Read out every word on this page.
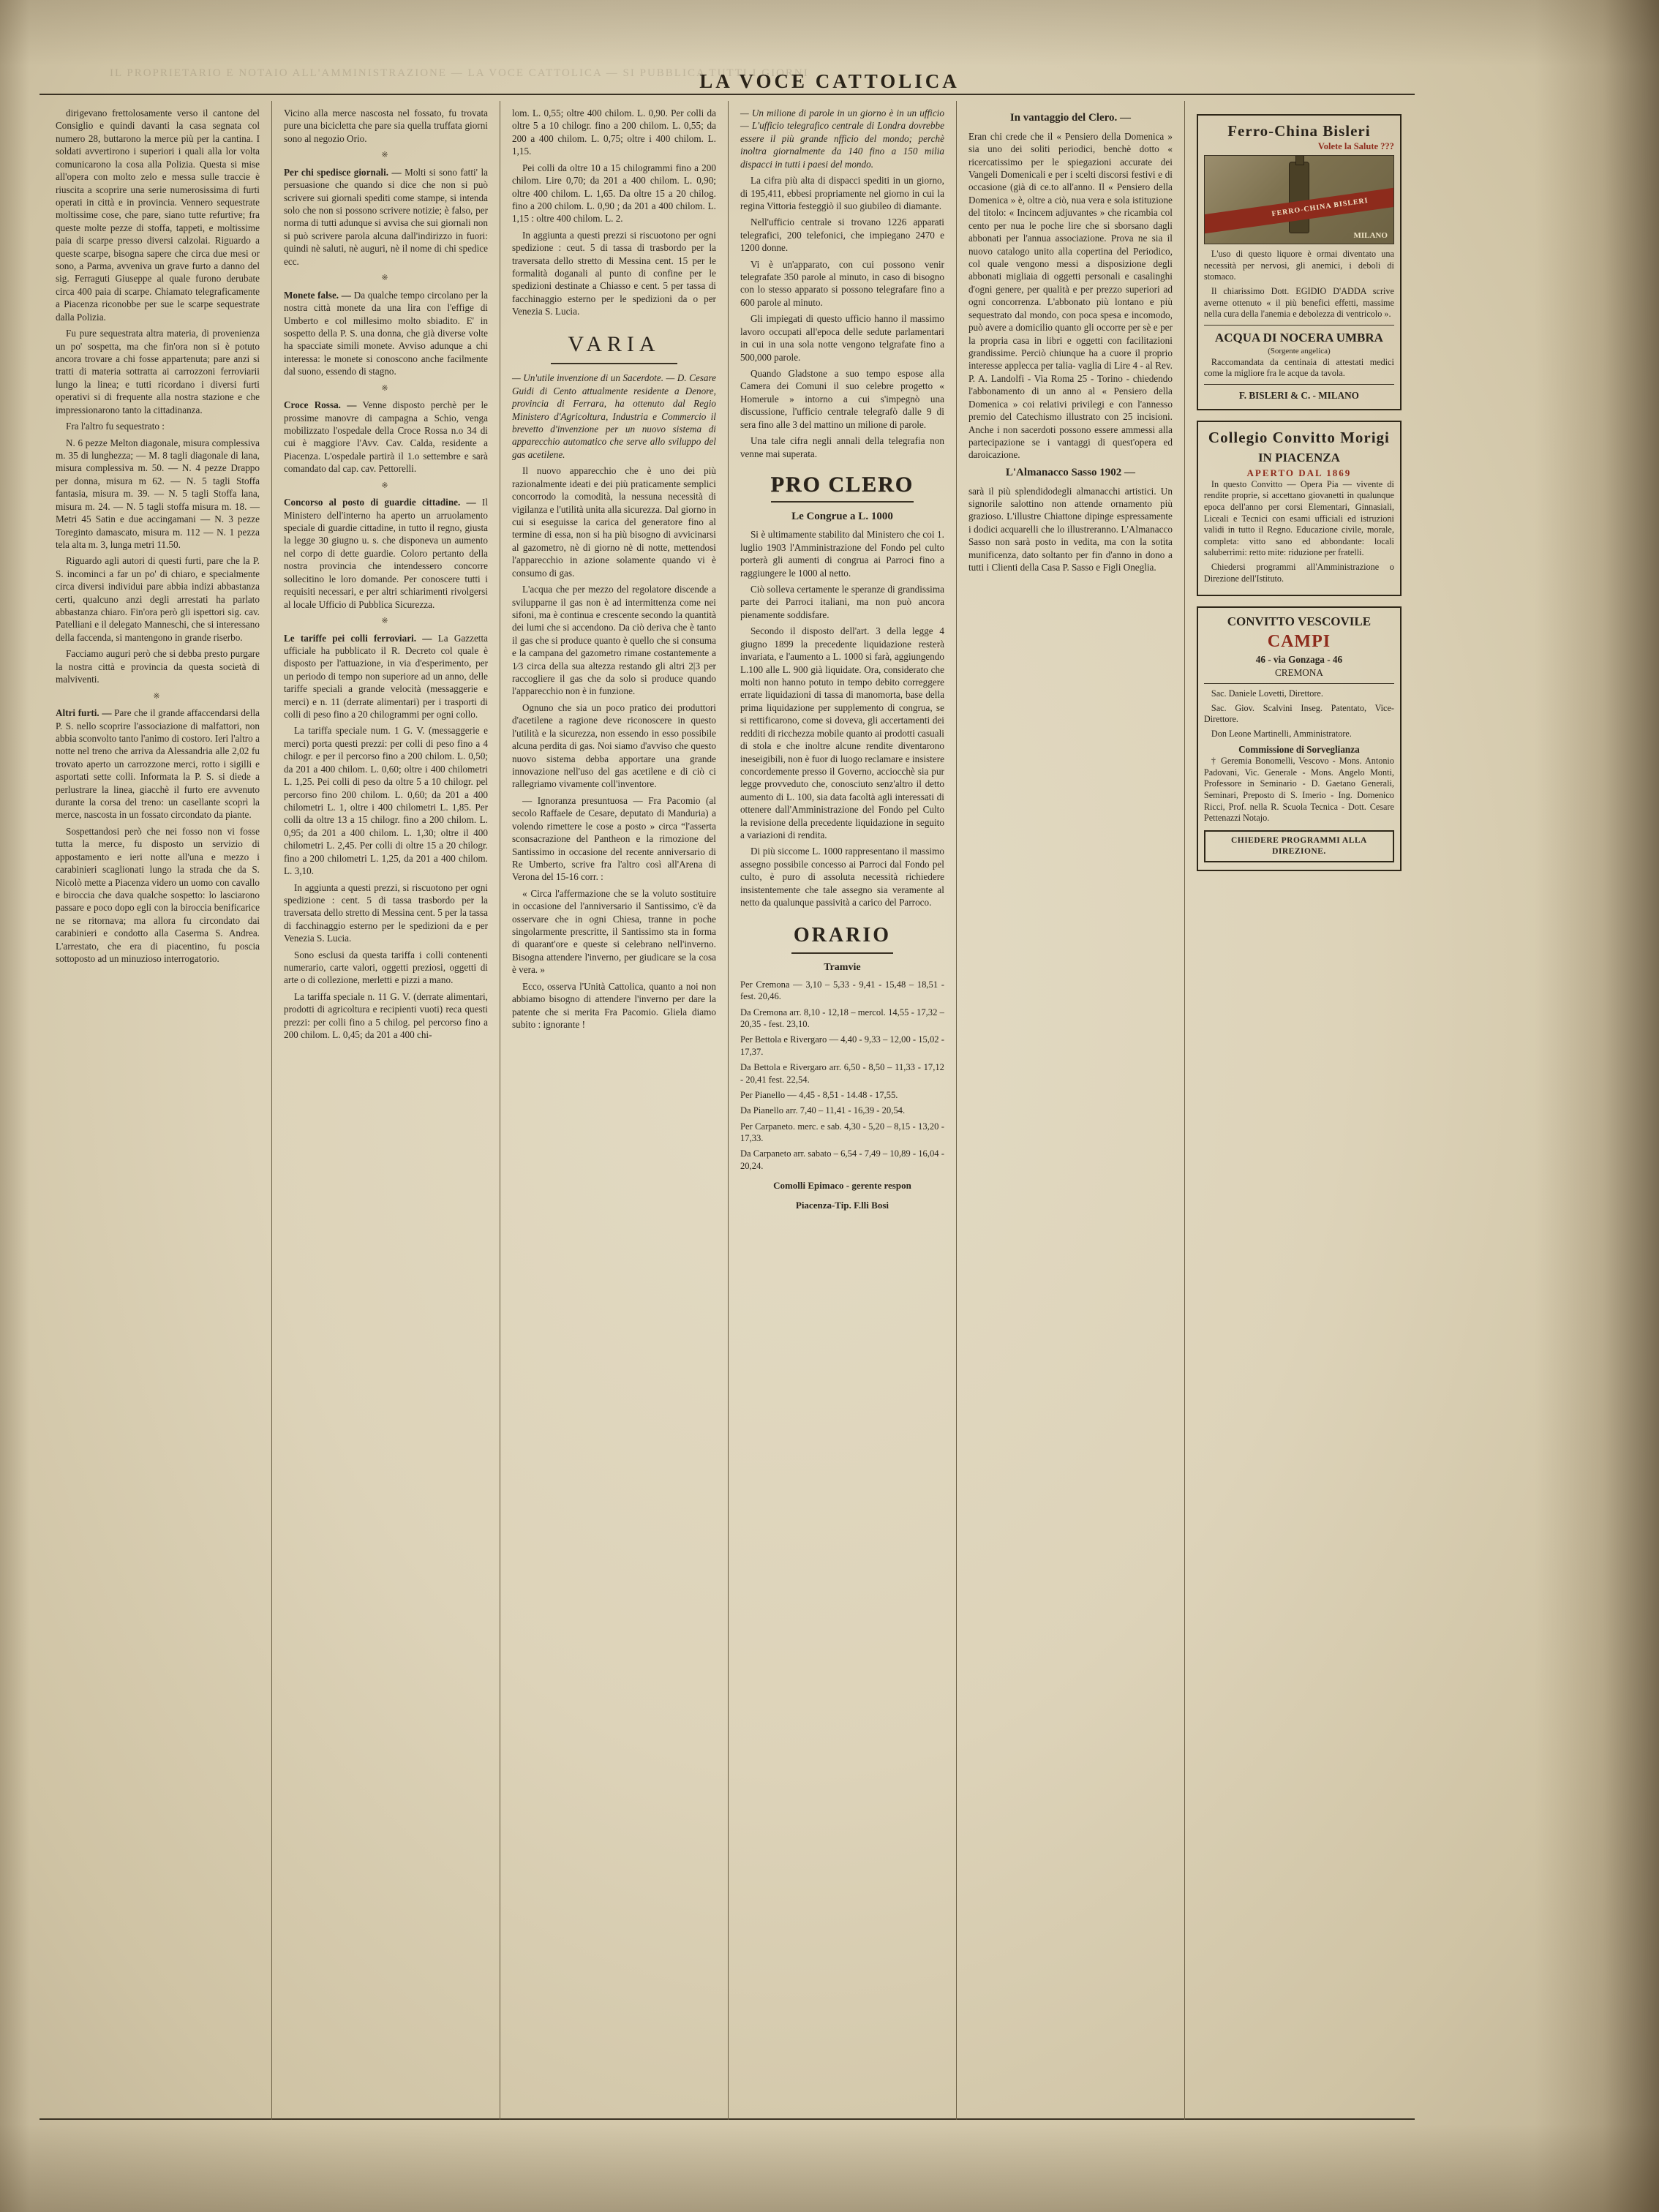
IL PROPRIETARIO E NOTAIO ALL'AMMINISTRAZIONE — LA VOCE CATTOLICA — SI PUBBLICA TUTTI I GIORNI
LA VOCE CATTOLICA

dirigevano frettolosamente verso il cantone del Consiglio e quindi davanti la casa segnata col numero 28, buttarono la merce più per la cantina. I soldati avvertirono i superiori i quali alla lor volta comunicarono la cosa alla Polizia. Questa si mise all'opera con molto zelo e messa sulle traccie è riuscita a scoprire una serie numerosissima di furti operati in città e in provincia. Vennero sequestrate moltissime cose, che pare, siano tutte refurtive; fra queste molte pezze di stoffa, tappeti, e moltissime paia di scarpe presso diversi calzolai. Riguardo a queste scarpe, bisogna sapere che circa due mesi or sono, a Parma, avveniva un grave furto a danno del sig. Ferraguti Giuseppe al quale furono derubate circa 400 paia di scarpe. Chiamato telegraficamente a Piacenza riconobbe per sue le scarpe sequestrate dalla Polizia.

Fu pure sequestrata altra materia, di provenienza un po' sospetta, ma che fin'ora non si è potuto ancora trovare a chi fosse appartenuta; pare anzi si tratti di materia sottratta ai carrozzoni ferroviarii lungo la linea; e tutti ricordano i diversi furti operativi si di frequente alla nostra stazione e che impressionarono tanto la cittadinanza.

Fra l'altro fu sequestrato :

N. 6 pezze Melton diagonale, misura complessiva m. 35 di lunghezza; — M. 8 tagli diagonale di lana, misura complessiva m. 50. — N. 4 pezze Drappo per donna, misura m 62. — N. 5 tagli Stoffa fantasia, misura m. 39. — N. 5 tagli Stoffa lana, misura m. 24. — N. 5 tagli stoffa misura m. 18. — Metri 45 Satin e due accingamani — N. 3 pezze Toreginto damascato, misura m. 112 — N. 1 pezza tela alta m. 3, lunga metri 11.50.

Riguardo agli autori di questi furti, pare che la P. S. incominci a far un po' di chiaro, e specialmente circa diversi individui pare abbia indizi abbastanza certi, qualcuno anzi degli arrestati ha parlato abbastanza chiaro. Fin'ora però gli ispettori sig. cav. Patelliani e il delegato Manneschi, che si interessano della faccenda, si mantengono in grande riserbo.

Facciamo auguri però che si debba presto purgare la nostra città e provincia da questa società di malviventi.

※

Altri furti. — Pare che il grande affaccendarsi della P. S. nello scoprire l'associazione di malfattori, non abbia sconvolto tanto l'animo di costoro. Ieri l'altro a notte nel treno che arriva da Alessandria alle 2,02 fu trovato aperto un carrozzone merci, rotto i sigilli e asportati sette colli. Informata la P. S. si diede a perlustrare la linea, giacchè il furto ere avvenuto durante la corsa del treno: un casellante scoprì la merce, nascosta in un fossato circondato da piante.

Sospettandosi però che nei fosso non vi fosse tutta la merce, fu disposto un servizio di appostamento e ieri notte all'una e mezzo i carabinieri scaglionati lungo la strada che da S. Nicolò mette a Piacenza videro un uomo con cavallo e biroccia che dava qualche sospetto: lo lasciarono passare e poco dopo egli con la biroccia benificarice ne se ritornava; ma allora fu circondato dai carabinieri e condotto alla Caserma S. Andrea. L'arrestato, che era di piacentino, fu poscia sottoposto ad un minuzioso interrogatorio.

Vicino alla merce nascosta nel fossato, fu trovata pure una bicicletta che pare sia quella truffata giorni sono al negozio Orio.

※

Per chi spedisce giornali. — Molti si sono fatti' la persuasione che quando si dice che non si può scrivere sui giornali spediti come stampe, si intenda solo che non si possono scrivere notizie; è falso, per norma di tutti adunque si avvisa che sui giornali non si può scrivere parola alcuna dall'indirizzo in fuori: quindi nè saluti, nè auguri, nè il nome di chi spedice ecc.

※

Monete false. — Da qualche tempo circolano per la nostra città monete da una lira con l'effige di Umberto e col millesimo molto sbiadito. E' in sospetto della P. S. una donna, che già diverse volte ha spacciate simili monete. Avviso adunque a chi interessa: le monete si conoscono anche facilmente dal suono, essendo di stagno.

※

Croce Rossa. — Venne disposto perchè per le prossime manovre di campagna a Schio, venga mobilizzato l'ospedale della Croce Rossa n.o 34 di cui è maggiore l'Avv. Cav. Calda, residente a Piacenza. L'ospedale partirà il 1.o settembre e sarà comandato dal cap. cav. Pettorelli.

※

Concorso al posto di guardie cittadine. — Il Ministero dell'interno ha aperto un arruolamento speciale di guardie cittadine, in tutto il regno, giusta la legge 30 giugno u. s. che disponeva un aumento nel corpo di dette guardie. Coloro pertanto della nostra provincia che intendessero concorre sollecitino le loro domande. Per conoscere tutti i requisiti necessari, e per altri schiarimenti rivolgersi al locale Ufficio di Pubblica Sicurezza.

※

Le tariffe pei colli ferroviari. — La Gazzetta ufficiale ha pubblicato il R. Decreto col quale è disposto per l'attuazione, in via d'esperimento, per un periodo di tempo non superiore ad un anno, delle tariffe speciali a grande velocità (messaggerie e merci) e n. 11 (derrate alimentari) per i trasporti di colli di peso fino a 20 chilogrammi per ogni collo.

La tariffa speciale num. 1 G. V. (messaggerie e merci) porta questi prezzi: per colli di peso fino a 4 chilogr. e per il percorso fino a 200 chilom. L. 0,50; da 201 a 400 chilom. L. 0,60; oltre i 400 chilometri L. 1,25. Pei colli di peso da oltre 5 a 10 chilogr. pel percorso fino 200 chilom. L. 0,60; da 201 a 400 chilometri L. 1, oltre i 400 chilometri L. 1,85. Per colli da oltre 13 a 15 chilogr. fino a 200 chilom. L. 0,95; da 201 a 400 chilom. L. 1,30; oltre il 400 chilometri L. 2,45. Per colli di oltre 15 a 20 chilogr. fino a 200 chilometri L. 1,25, da 201 a 400 chilom. L. 3,10.

In aggiunta a questi prezzi, si riscuotono per ogni spedizione : cent. 5 di tassa trasbordo per la traversata dello stretto di Messina cent. 5 per la tassa di facchinaggio esterno per le spedizioni da e per Venezia S. Lucia.

Sono esclusi da questa tariffa i colli contenenti numerario, carte valori, oggetti preziosi, oggetti di arte o di collezione, merletti e pizzi a mano.

La tariffa speciale n. 11 G. V. (derrate alimentari, prodotti di agricoltura e recipienti vuoti) reca questi prezzi: per colli fino a 5 chilog. pel percorso fino a 200 chilom. L. 0,45; da 201 a 400 chi-

lom. L. 0,55; oltre 400 chilom. L. 0,90. Per colli da oltre 5 a 10 chilogr. fino a 200 chilom. L. 0,55; da 200 a 400 chilom. L. 0,75; oltre i 400 chilom. L. 1,15.

Pei colli da oltre 10 a 15 chilogrammi fino a 200 chilom. Lire 0,70; da 201 a 400 chilom. L. 0,90; oltre 400 chilom. L. 1,65. Da oltre 15 a 20 chilog. fino a 200 chilom. L. 0,90 ; da 201 a 400 chilom. L. 1,15 : oltre 400 chilom. L. 2.

In aggiunta a questi prezzi si riscuotono per ogni spedizione : ceut. 5 di tassa di trasbordo per la traversata dello stretto di Messina cent. 15 per le formalità doganali al punto di confine per le spedizioni destinate a Chiasso e cent. 5 per tassa di facchinaggio esterno per le spedizioni da o per Venezia S. Lucia.

VARIA

— Un'utile invenzione di un Sacerdote. — D. Cesare Guidi di Cento attualmente residente a Denore, provincia di Ferrara, ha ottenuto dal Regio Ministero d'Agricoltura, Industria e Commercio il brevetto d'invenzione per un nuovo sistema di apparecchio automatico che serve allo sviluppo del gas acetilene.

Il nuovo apparecchio che è uno dei più razionalmente ideati e dei più praticamente semplici concorrodo la comodità, la nessuna necessità di vigilanza e l'utilità unita alla sicurezza. Dal giorno in cui si eseguisse la carica del generatore fino al termine di essa, non si ha più bisogno di avvicinarsi al gazometro, nè di giorno nè di notte, mettendosi l'apparecchio in azione solamente quando vi è consumo di gas.

L'acqua che per mezzo del regolatore discende a svilupparne il gas non è ad intermittenza come nei sifoni, ma è continua e crescente secondo la quantità dei lumi che si accendono. Da ciò deriva che è tanto il gas che si produce quanto è quello che si consuma e la campana del gazometro rimane costantemente a 1⁄3 circa della sua altezza restando gli altri 2|3 per raccogliere il gas che da solo si produce quando l'apparecchio non è in funzione.

Ognuno che sia un poco pratico dei produttori d'acetilene a ragione deve riconoscere in questo l'utilità e la sicurezza, non essendo in esso possibile alcuna perdita di gas. Noi siamo d'avviso che questo nuovo sistema debba apportare una grande innovazione nell'uso del gas acetilene e di ciò ci rallegriamo vivamente coll'inventore.

— Ignoranza presuntuosa — Fra Pacomio (al secolo Raffaele de Cesare, deputato di Manduria) a volendo rimettere le cose a posto » circa “l'asserta sconsacrazione del Pantheon e la rimozione del Santissimo in occasione del recente anniversario di Re Umberto, scrive fra l'altro così all'Arena di Verona del 15-16 corr. :

« Circa l'affermazione che se la voluto sostituire in occasione del l'anniversario il Santissimo, c'è da osservare che in ogni Chiesa, tranne in poche singolarmente prescritte, il Santissimo sta in forma di quarant'ore e queste si celebrano nell'inverno. Bisogna attendere l'inverno, per giudicare se la cosa è vera. »

Ecco, osserva l'Unità Cattolica, quanto a noi non abbiamo bisogno di attendere l'inverno per dare la patente che si merita Fra Pacomio. Gliela diamo subito : ignorante !

— Un milione di parole in un giorno è in un ufficio — L'ufficio telegrafico centrale di Londra dovrebbe essere il più grande nfficio del mondo; perchè inoltra giornalmente da 140 fino a 150 milia dispacci in tutti i paesi del mondo.

La cifra più alta di dispacci spediti in un giorno, di 195,411, ebbesi propriamente nel giorno in cui la regina Vittoria festeggiò il suo giubileo di diamante.

Nell'ufficio centrale si trovano 1226 apparati telegrafici, 200 telefonici, che impiegano 2470 e 1200 donne.

Vi è un'apparato, con cui possono venir telegrafate 350 parole al minuto, in caso di bisogno con lo stesso apparato si possono telegrafare fino a 600 parole al minuto.

Gli impiegati di questo ufficio hanno il massimo lavoro occupati all'epoca delle sedute parlamentari in cui in una sola notte vengono telgrafate fino a 500,000 parole.

Quando Gladstone a suo tempo espose alla Camera dei Comuni il suo celebre progetto « Homerule » intorno a cui s'impegnò una discussione, l'ufficio centrale telegrafò dalle 9 di sera fino alle 3 del mattino un milione di parole.

Una tale cifra negli annali della telegrafia non venne mai superata.

PRO CLERO
Le Congrue a L. 1000

Si è ultimamente stabilito dal Ministero che coi 1. luglio 1903 l'Amministrazione del Fondo pel culto porterà gli aumenti di congrua ai Parroci fino a raggiungere le 1000 al netto.

Ciò solleva certamente le speranze di grandissima parte dei Parroci italiani, ma non può ancora pienamente soddisfare.

Secondo il disposto dell'art. 3 della legge 4 giugno 1899 la precedente liquidazione resterà invariata, e l'aumento a L. 1000 si farà, aggiungendo L.100 alle L. 900 già liquidate. Ora, considerato che molti non hanno potuto in tempo debito correggere errate liquidazioni di tassa di manomorta, base della prima liquidazione per supplemento di congrua, se si rettificarono, come si doveva, gli accertamenti dei redditi di ricchezza mobile quanto ai prodotti casuali di stola e che inoltre alcune rendite diventarono ineseigibili, non è fuor di luogo reclamare e insistere concordemente presso il Governo, acciocchè sia pur legge provveduto che, conosciuto senz'altro il detto aumento di L. 100, sia data facoltà agli interessati di ottenere dall'Amministrazione del Fondo pel Culto la revisione della precedente liquidazione in seguito a variazioni di rendita.

Di più siccome L. 1000 rappresentano il massimo assegno possibile concesso ai Parroci dal Fondo pel culto, è puro di assoluta necessità richiedere insistentemente che tale assegno sia veramente al netto da qualunque passività a carico del Parroco.

ORARIO
Tramvie

Per Cremona — 3,10 – 5,33 - 9,41 - 15,48 – 18,51 - fest. 20,46.

Da Cremona arr. 8,10 - 12,18 – mercol. 14,55 - 17,32 – 20,35 - fest. 23,10.

Per Bettola e Rivergaro — 4,40 - 9,33 – 12,00 - 15,02 - 17,37.

Da Bettola e Rivergaro arr. 6,50 - 8,50 – 11,33 - 17,12 - 20,41 fest. 22,54.

Per Pianello — 4,45 - 8,51 - 14.48 - 17,55.

Da Pianello arr. 7,40 – 11,41 - 16,39 - 20,54.

Per Carpaneto. merc. e sab. 4,30 - 5,20 – 8,15 - 13,20 - 17,33.

Da Carpaneto arr. sabato – 6,54 - 7,49 – 10,89 - 16,04 - 20,24.

Comolli Epimaco - gerente respon
Piacenza-Tip. F.lli Bosi
In vantaggio del Clero. —

Eran chi crede che il « Pensiero della Domenica » sia uno dei soliti periodici, benchè dotto « ricercatissimo per le spiegazioni accurate dei Vangeli Domenicali e per i scelti discorsi festivi e di occasione (già di ce.to all'anno. Il « Pensiero della Domenica » è, oltre a ciò, nua vera e sola istituzione del titolo: « Incincem adjuvantes » che ricambia col cento per nua le poche lire che si sborsano dagli abbonati per l'annua associazione. Prova ne sia il nuovo catalogo unito alla copertina del Periodico, col quale vengono messi a disposizione degli abbonati migliaia di oggetti personali e casalinghi d'ogni genere, per qualità e per prezzo superiori ad ogni concorrenza. L'abbonato più lontano e più sequestrato dal mondo, con poca spesa e incomodo, può avere a domicilio quanto gli occorre per sè e per la propria casa in libri e oggetti con facilitazioni grandissime. Perciò chiunque ha a cuore il proprio interesse applecca per talia- vaglia di Lire 4 - al Rev. P. A. Landolfi - Via Roma 25 - Torino - chiedendo l'abbonamento di un anno al « Pensiero della Domenica » coi relativi privilegi e con l'annesso premio del Catechismo illustrato con 25 incisioni. Anche i non sacerdoti possono essere ammessi alla partecipazione se i vantaggi di quest'opera ed daroicazione.

L'Almanacco Sasso 1902 —

sarà il più splendidodegli almanacchi artistici. Un signorile salottino non attende ornamento più grazioso. L'illustre Chiattone dipinge espressamente i dodici acquarelli che lo illustreranno. L'Almanacco Sasso non sarà posto in vedita, ma con la sotita munificenza, dato soltanto per fin d'anno in dono a tutti i Clienti della Casa P. Sasso e Figli Oneglia.

Ferro-China Bisleri
Volete la Salute ???
FERRO-CHINA BISLERI
MILANO

L'uso di questo liquore è ormai diventato una necessità per nervosi, gli anemici, i deboli di stomaco.

Il chiarissimo Dott. EGIDIO D'ADDA scrive averne ottenuto « il più benefici effetti, massime nella cura della l'anemia e debolezza di ventricolo ».

ACQUA DI NOCERA UMBRA
(Sorgente angelica)

Raccomandata da centinaia di attestati medici come la migliore fra le acque da tavola.

F. BISLERI & C. - MILANO
Collegio Convitto Morigi
IN PIACENZA
APERTO DAL 1869

In questo Convitto — Opera Pia — vivente di rendite proprie, si accettano giovanetti in qualunque epoca dell'anno per corsi Elementari, Ginnasiali, Liceali e Tecnici con esami ufficiali ed istruzioni validi in tutto il Regno. Educazione civile, morale, completa: vitto sano ed abbondante: locali saluberrimi: retto mite: riduzione per fratelli.

Chiedersi programmi all'Amministrazione o Direzione dell'Istituto.

CONVITTO VESCOVILE
CAMPI
46 - via Gonzaga - 46
CREMONA

Sac. Daniele Lovetti, Direttore.

Sac. Giov. Scalvini Inseg. Patentato, Vice-Direttore.

Don Leone Martinelli, Amministratore.

Commissione di Sorveglianza

† Geremia Bonomelli, Vescovo - Mons. Antonio Padovani, Vic. Generale - Mons. Angelo Monti, Professore in Seminario - D. Gaetano Generali, Seminari, Preposto di S. Imerio - Ing. Domenico Ricci, Prof. nella R. Scuola Tecnica - Dott. Cesare Pettenazzi Notajo.

CHIEDERE PROGRAMMI ALLA DIREZIONE.
